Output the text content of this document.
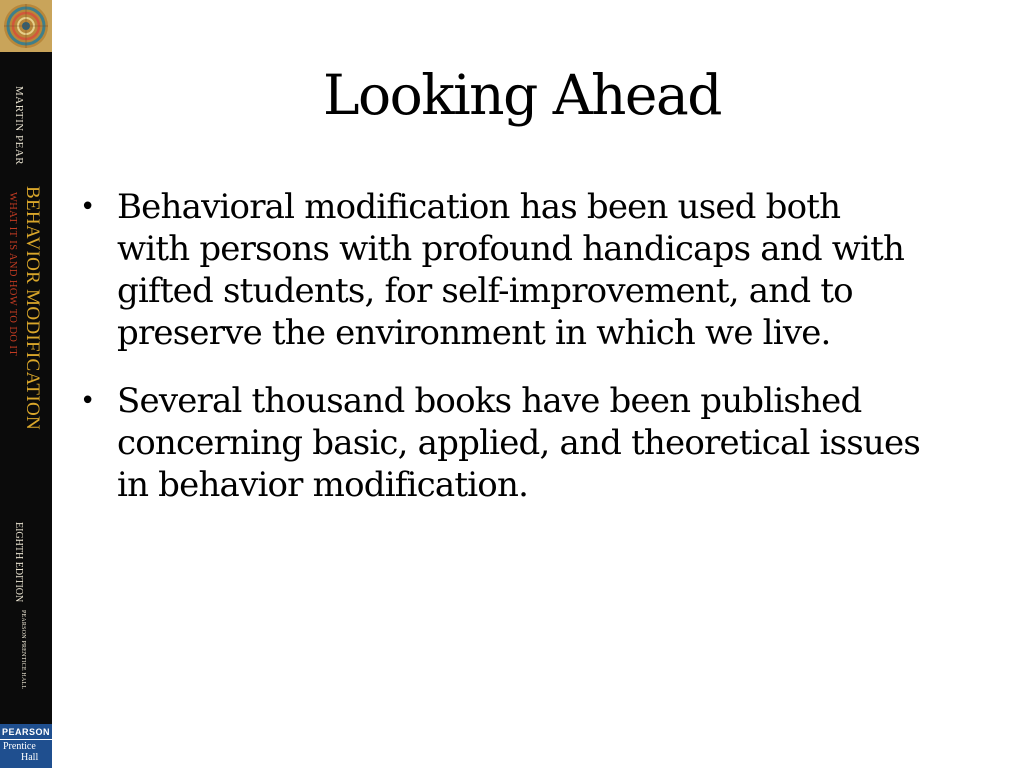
MARTIN PEAR
BEHAVIOR MODIFICATION
WHAT IT IS AND HOW TO DO IT
EIGHTH EDITION
PEARSON PRENTICE HALL
PEARSON
Prentice
Hall
Looking Ahead
• Behavioral modification has been used both
with persons with profound handicaps and with
gifted students, for self-improvement, and to
preserve the environment in which we live.
• Several thousand books have been published
concerning basic, applied, and theoretical issues
in behavior modification.
